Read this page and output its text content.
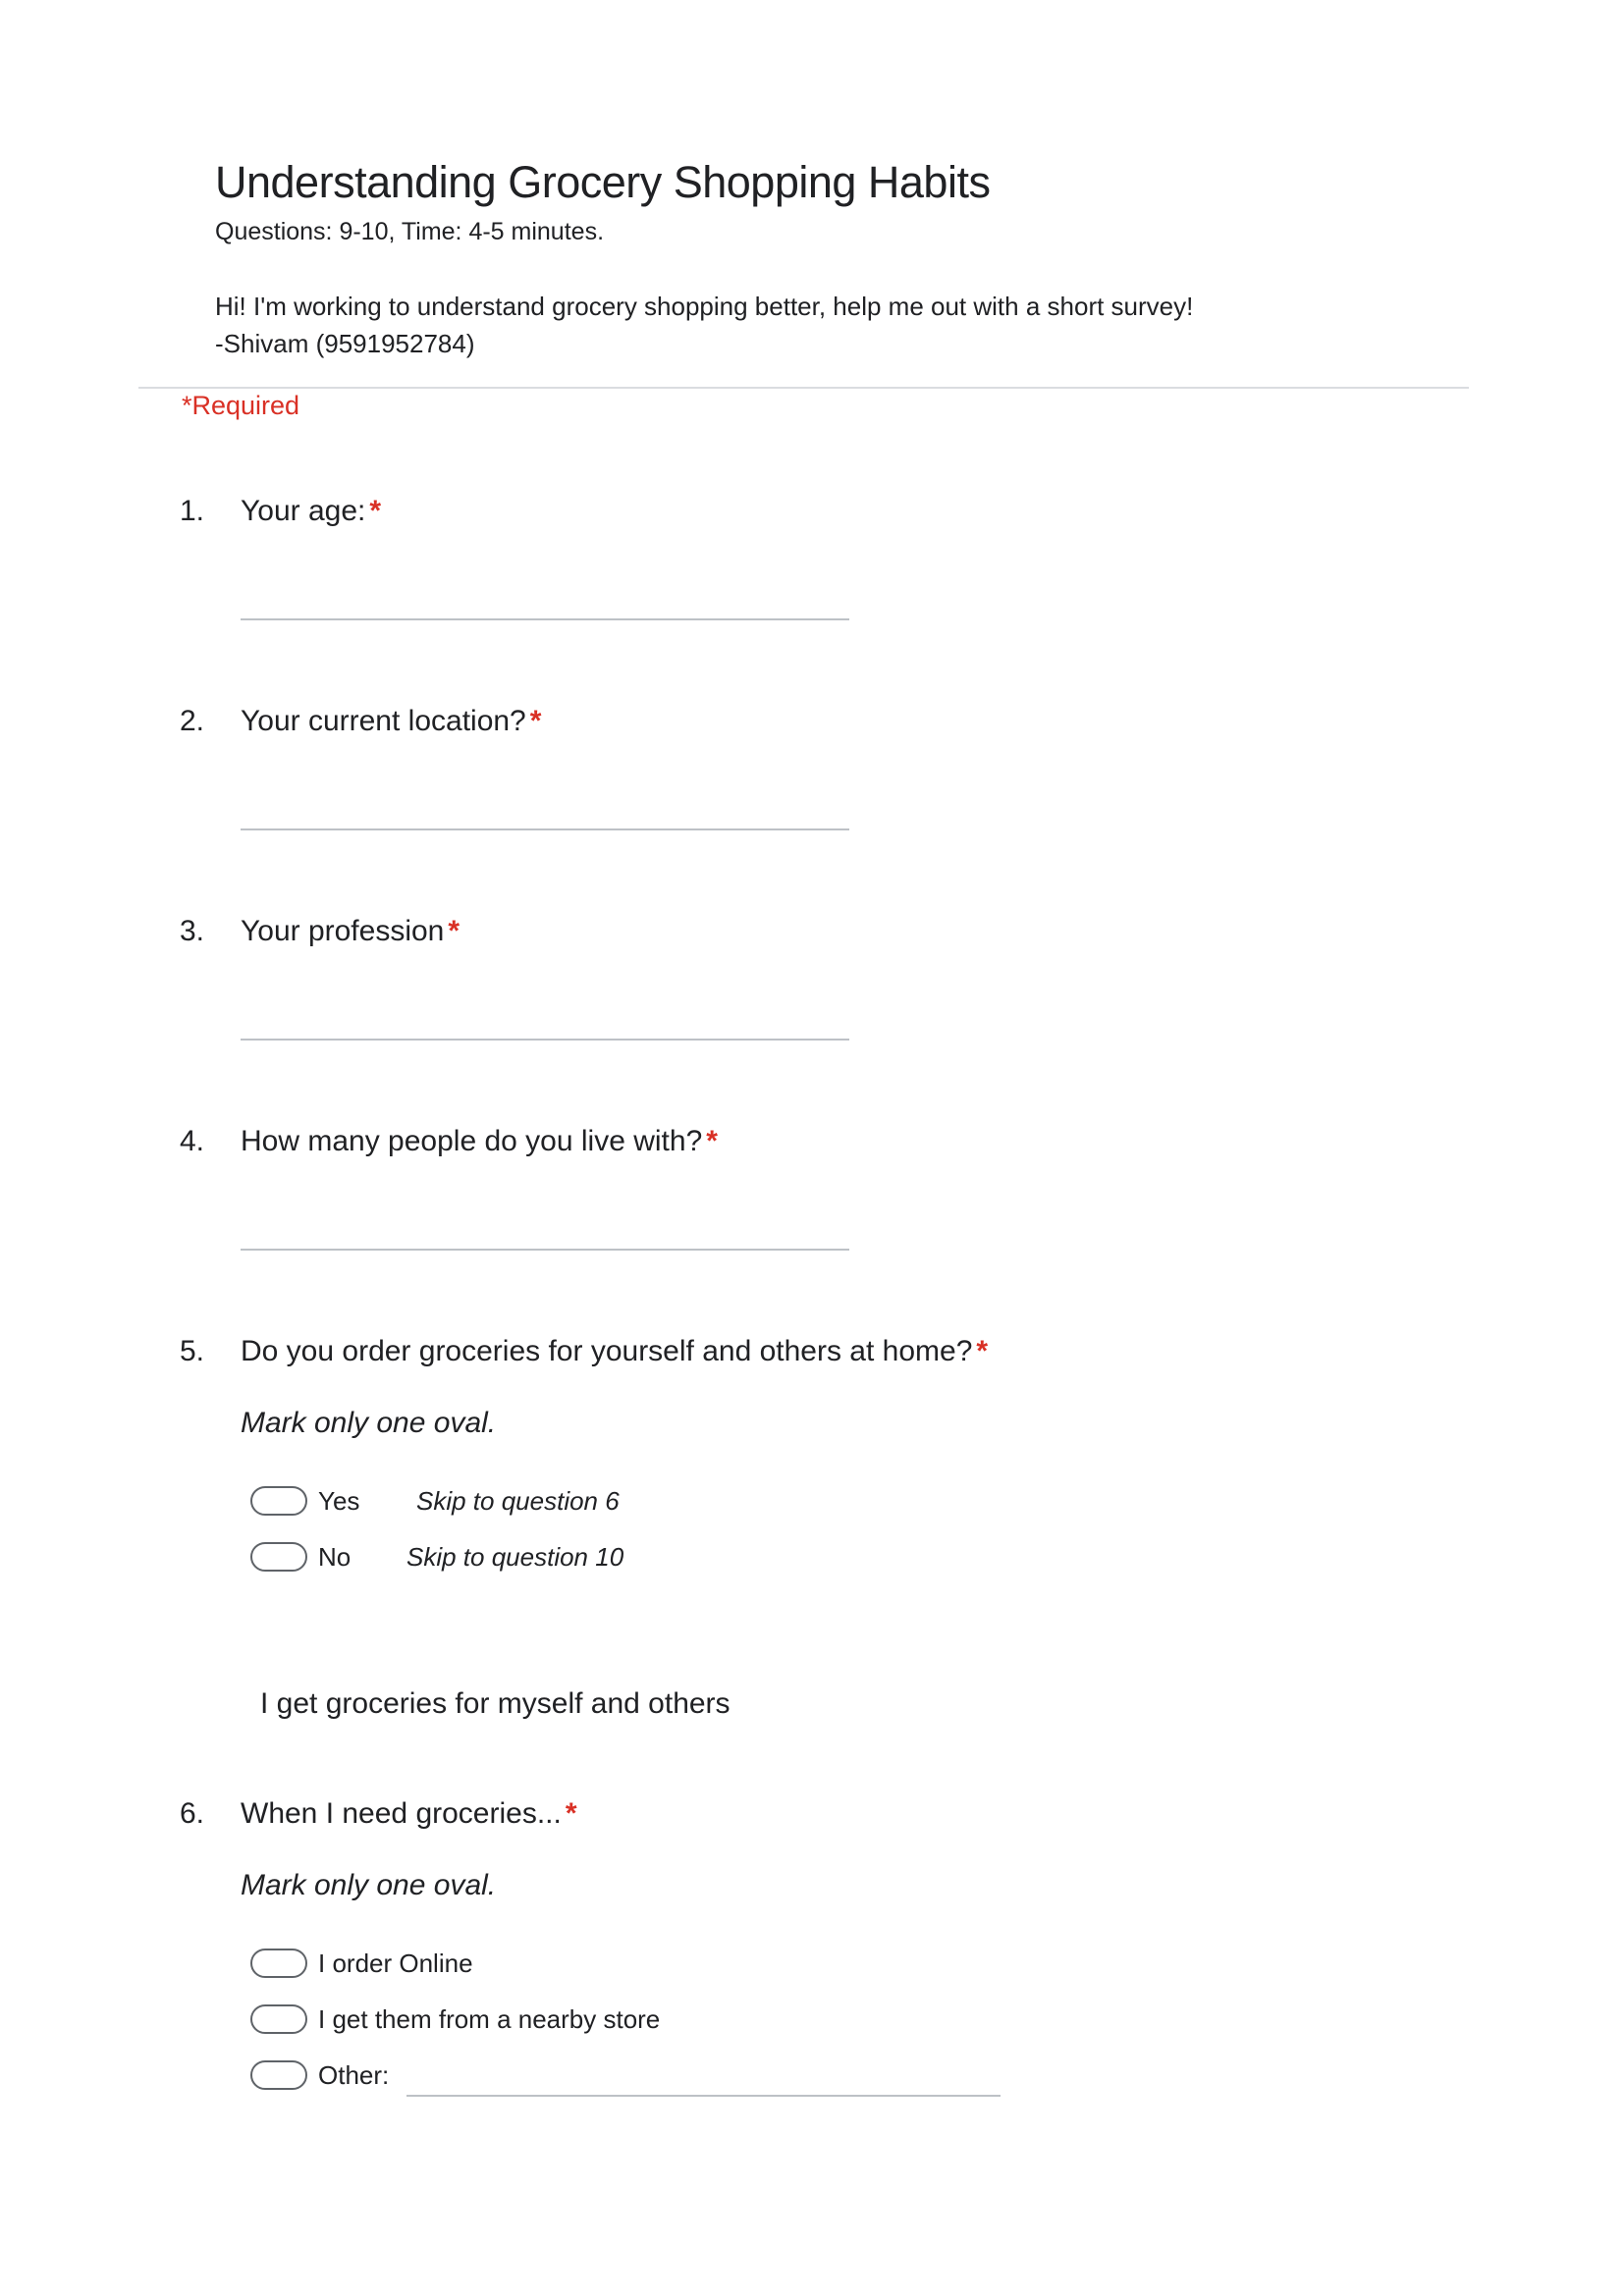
Understanding Grocery Shopping Habits
Questions: 9-10, Time: 4-5 minutes.
Hi! I'm working to understand grocery shopping better, help me out with a short survey!
-Shivam (9591952784)
*Required
1. Your age: *
2. Your current location? *
3. Your profession *
4. How many people do you live with? *
5. Do you order groceries for yourself and others at home? *
Mark only one oval.
Yes Skip to question 6
No Skip to question 10
I get groceries for myself and others
6. When I need groceries... *
Mark only one oval.
I order Online
I get them from a nearby store
Other:
